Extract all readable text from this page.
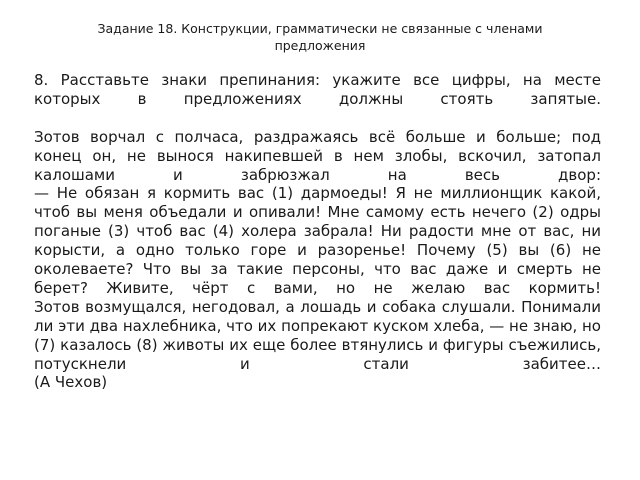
Задание 18. Конструкции, грамматически не связанные с членами
предложения

8. Расставьте знаки препинания: укажите все цифры, на месте которых в предложениях должны стоять запятые.

Зотов ворчал с полчаса, раздражаясь всё больше и больше; под конец он, не вынося накипевшей в нем злобы, вскочил, затопал калошами и забрюзжал на весь двор:

— Не обязан я кормить вас (1) дармоеды! Я не миллионщик какой, чтоб вы меня объедали и опивали! Мне самому есть нечего (2) одры поганые (3) чтоб вас (4) холера забрала! Ни радости мне от вас, ни корысти, а одно только горе и разоренье! Почему (5) вы (6) не околеваете? Что вы за такие персоны, что вас даже и смерть не берет? Живите, чёрт с вами, но не желаю вас кормить!

Зотов возмущался, негодовал, а лошадь и собака слушали. Понимали ли эти два нахлебника, что их попрекают куском хлеба, — не знаю, но (7) казалось (8) животы их еще более втянулись и фигуры съежились, потускнели и стали забитее…

(А Чехов)
